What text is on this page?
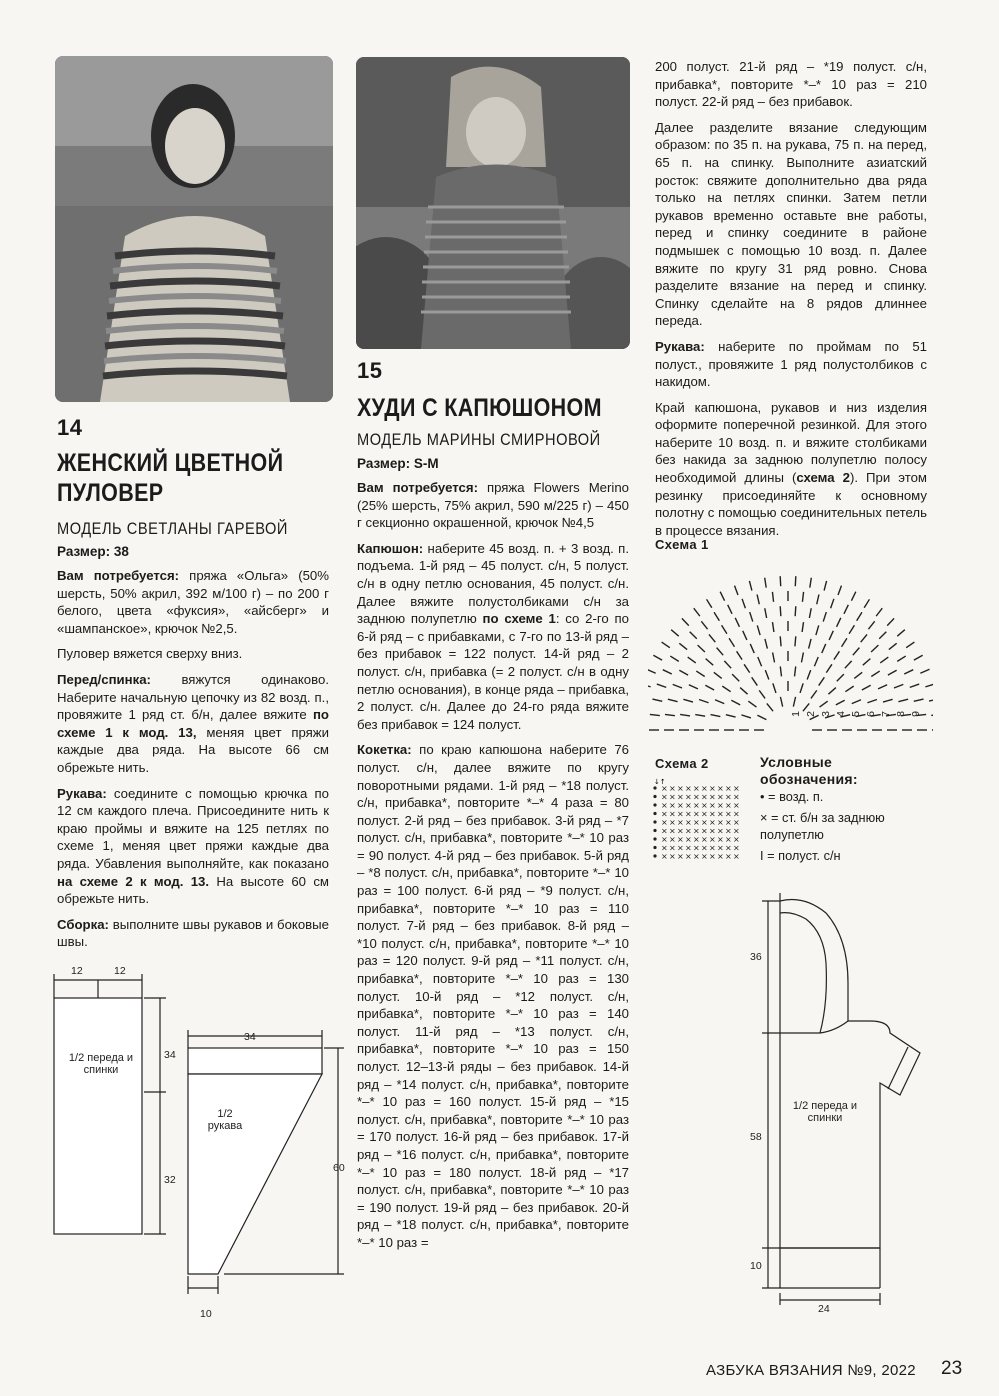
14
ЖЕНСКИЙ ЦВЕТНОЙ
ПУЛОВЕР
МОДЕЛЬ СВЕТЛАНЫ ГАРЕВОЙ
Размер: 38

Вам потребуется: пряжа «Ольга» (50% шерсть, 50% акрил, 392 м/100 г) – по 200 г белого, цвета «фуксия», «айсберг» и «шампанское», крючок №2,5.

Пуловер вяжется сверху вниз.

Перед/спинка: вяжутся одинаково. Наберите начальную цепочку из 82 возд. п., провяжите 1 ряд ст. б/н, далее вяжите по схеме 1 к мод. 13, меняя цвет пряжи каждые два ряда. На высоте 66 см обрежьте нить.

Рукава: соедините с помощью крючка по 12 см каждого плеча. Присоедините нить к краю проймы и вяжите на 125 петлях по схеме 1, меняя цвет пряжи каждые два ряда. Убавления выполняйте, как показано на схеме 2 к мод. 13. На высоте 60 см обрежьте нить.

Сборка: выполните швы рукавов и боковые швы.

15
ХУДИ С КАПЮШОНОМ
МОДЕЛЬ МАРИНЫ СМИРНОВОЙ
Размер: S-M

Вам потребуется: пряжа Flowers Merino (25% шерсть, 75% акрил, 590 м/225 г) – 450 г секционно окрашенной, крючок №4,5

Капюшон: наберите 45 возд. п. + 3 возд. п. подъема. 1-й ряд – 45 полуст. с/н, 5 полуст. с/н в одну петлю основания, 45 полуст. с/н. Далее вяжите полустолбиками с/н за заднюю полупетлю по схеме 1: со 2-го по 6-й ряд – с прибавками, с 7-го по 13-й ряд – без прибавок = 122 полуст. 14-й ряд – 2 полуст. с/н, прибавка (= 2 полуст. с/н в одну петлю основания), в конце ряда – прибавка, 2 полуст. с/н. Далее до 24-го ряда вяжите без прибавок = 124 полуст.

Кокетка: по краю капюшона наберите 76 полуст. с/н, далее вяжите по кругу поворотными рядами. 1-й ряд – *18 полуст. с/н, прибавка*, повторите *–* 4 раза = 80 полуст. 2-й ряд – без прибавок. 3-й ряд – *7 полуст. с/н, прибавка*, повторите *–* 10 раз = 90 полуст. 4-й ряд – без прибавок. 5-й ряд – *8 полуст. с/н, прибавка*, повторите *–* 10 раз = 100 полуст. 6-й ряд – *9 полуст. с/н, прибавка*, повторите *–* 10 раз = 110 полуст. 7-й ряд – без прибавок. 8-й ряд – *10 полуст. с/н, прибавка*, повторите *–* 10 раз = 120 полуст. 9-й ряд – *11 полуст. с/н, прибавка*, повторите *–* 10 раз = 130 полуст. 10-й ряд – *12 полуст. с/н, прибавка*, повторите *–* 10 раз = 140 полуст. 11-й ряд – *13 полуст. с/н, прибавка*, повторите *–* 10 раз = 150 полуст. 12–13-й ряды – без прибавок. 14-й ряд – *14 полуст. с/н, прибавка*, повторите *–* 10 раз = 160 полуст. 15-й ряд – *15 полуст. с/н, прибавка*, повторите *–* 10 раз = 170 полуст. 16-й ряд – без прибавок. 17-й ряд – *16 полуст. с/н, прибавка*, повторите *–* 10 раз = 180 полуст. 18-й ряд – *17 полуст. с/н, прибавка*, повторите *–* 10 раз = 190 полуст. 19-й ряд – без прибавок. 20-й ряд – *18 полуст. с/н, прибавка*, повторите *–* 10 раз =

200 полуст. 21-й ряд – *19 полуст. с/н, прибавка*, повторите *–* 10 раз = 210 полуст. 22-й ряд – без прибавок.

Далее разделите вязание следующим образом: по 35 п. на рукава, 75 п. на перед, 65 п. на спинку. Выполните азиатский росток: свяжите дополнительно два ряда только на петлях спинки. Затем петли рукавов временно оставьте вне работы, перед и спинку соедините в районе подмышек с помощью 10 возд. п. Далее вяжите по кругу 31 ряд ровно. Снова разделите вязание на перед и спинку. Спинку сделайте на 8 рядов длиннее переда.

Рукава: наберите по проймам по 51 полуст., провяжите 1 ряд полустолбиков с накидом.

Край капюшона, рукавов и низ изделия оформите поперечной резинкой. Для этого наберите 10 возд. п. и вяжите столбиками без накида за заднюю полупетлю полосу необходимой длины (схема 2). При этом резинку присоединяйте к основному полотну с помощью соединительных петель в процессе вязания.

Схема 1
1 2 3 4 5 6 7 8 9
Схема 2
× × × × × × × × × ×
× × × × × × × × × ×
× × × × × × × × × ×
× × × × × × × × × ×
× × × × × × × × × ×
× × × × × × × × × ×
× × × × × × × × × ×
× × × × × × × × × ×
× × × × × × × × × ×
↓↑
Условные
обозначения:
• = возд. п.
× = ст. б/н за заднюю полупетлю
I = полуст. с/н
12	12
1/2 переда и спинки
34
32
34
1/2 рукава
60
10
36
1/2 переда и спинки
58
10
24
АЗБУКА ВЯЗАНИЯ №9, 2022 23
